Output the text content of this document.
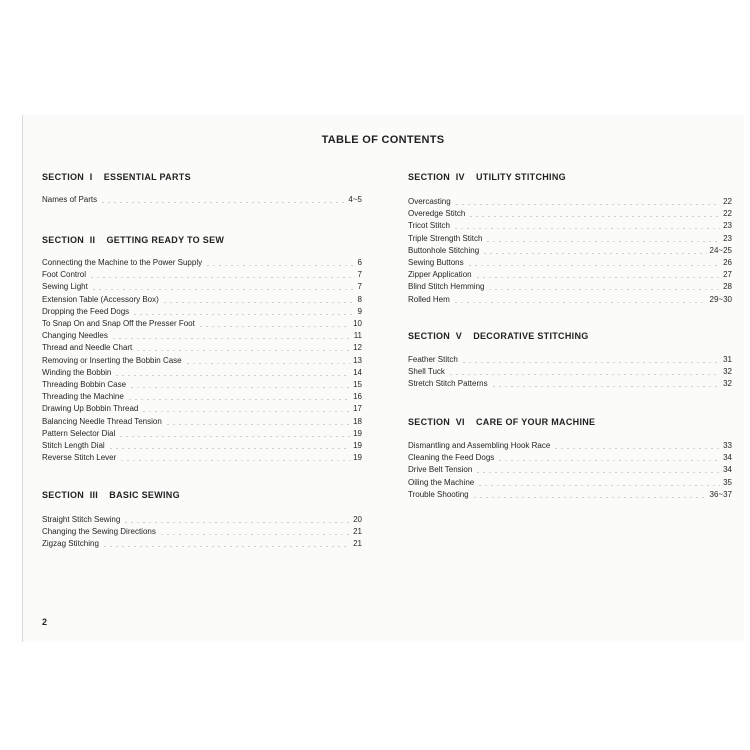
TABLE OF CONTENTS
SECTION  I    ESSENTIAL PARTS
Names of Parts	4~5
SECTION  II    GETTING READY TO SEW
Connecting the Machine to the Power Supply	6
Foot Control	7
Sewing Light	7
Extension Table (Accessory Box)	8
Dropping the Feed Dogs	9
To Snap On and Snap Off the Presser Foot	10
Changing Needles	11
Thread and Needle Chart	12
Removing or Inserting the Bobbin Case	13
Winding the Bobbin	14
Threading Bobbin Case	15
Threading the Machine	16
Drawing Up Bobbin Thread	17
Balancing Needle Thread Tension	18
Pattern Selector Dial	19
Stitch Length Dial	19
Reverse Stitch Lever	19
SECTION  III    BASIC SEWING
Straight Stitch Sewing	20
Changing the Sewing Directions	21
Zigzag Stitching	21
SECTION  IV    UTILITY STITCHING
Overcasting	22
Overedge Stitch	22
Tricot Stitch	23
Triple Strength Stitch	23
Buttonhole Stitching	24~25
Sewing Buttons	26
Zipper Application	27
Blind Stitch Hemming	28
Rolled Hem	29~30
SECTION  V    DECORATIVE STITCHING
Feather Stitch	31
Shell Tuck	32
Stretch Stitch Patterns	32
SECTION  VI    CARE OF YOUR MACHINE
Dismantling and Assembling Hook Race	33
Cleaning the Feed Dogs	34
Drive Belt Tension	34
Oiling the Machine	35
Trouble Shooting	36~37
2
